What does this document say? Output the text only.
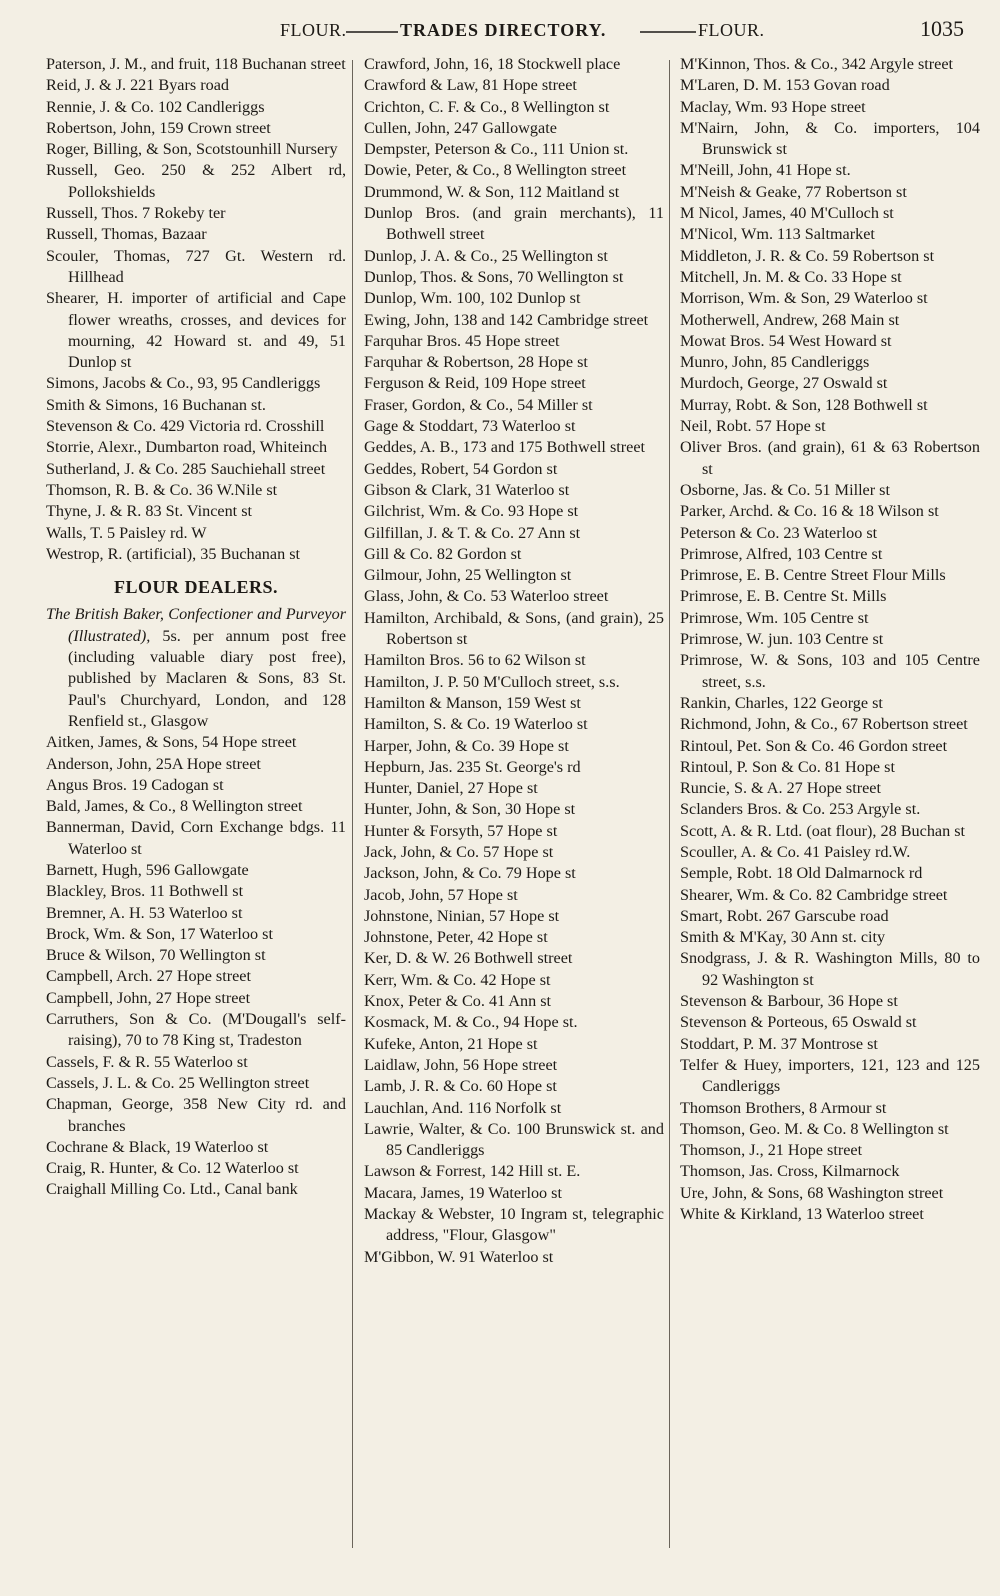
FLOUR.	TRADES DIRECTORY.	FLOUR.	1035
Paterson, J. M., and fruit, 118 Buchanan street
Reid, J. & J. 221 Byars road
Rennie, J. & Co. 102 Candleriggs
Robertson, John, 159 Crown street
Roger, Billing, & Son, Scotstounhill Nursery
Russell, Geo. 250 & 252 Albert rd, Pollokshields
Russell, Thos. 7 Rokeby ter
Russell, Thomas, Bazaar
Scouler, Thomas, 727 Gt. Western rd. Hillhead
Shearer, H. importer of artificial and Cape flower wreaths, crosses, and devices for mourning, 42 Howard st. and 49, 51 Dunlop st
Simons, Jacobs & Co., 93, 95 Candleriggs
Smith & Simons, 16 Buchanan st.
Stevenson & Co. 429 Victoria rd. Crosshill
Storrie, Alexr., Dumbarton road, Whiteinch
Sutherland, J. & Co. 285 Sauchiehall street
Thomson, R. B. & Co. 36 W.Nile st
Thyne, J. & R. 83 St. Vincent st
Walls, T. 5 Paisley rd. W
Westrop, R. (artificial), 35 Buchanan st
FLOUR DEALERS.
The British Baker, Confectioner and Purveyor (Illustrated), 5s. per annum post free (including valuable diary post free), published by Maclaren & Sons, 83 St. Paul's Churchyard, London, and 128 Renfield st., Glasgow
Aitken, James, & Sons, 54 Hope street
Anderson, John, 25A Hope street
Angus Bros. 19 Cadogan st
Bald, James, & Co., 8 Wellington street
Bannerman, David, Corn Exchange bdgs. 11 Waterloo st
Barnett, Hugh, 596 Gallowgate
Blackley, Bros. 11 Bothwell st
Bremner, A. H. 53 Waterloo st
Brock, Wm. & Son, 17 Waterloo st
Bruce & Wilson, 70 Wellington st
Campbell, Arch. 27 Hope street
Campbell, John, 27 Hope street
Carruthers, Son & Co. (M'Dougall's self-raising), 70 to 78 King st, Tradeston
Cassels, F. & R. 55 Waterloo st
Cassels, J. L. & Co. 25 Wellington street
Chapman, George, 358 New City rd. and branches
Cochrane & Black, 19 Waterloo st
Craig, R. Hunter, & Co. 12 Waterloo st
Craighall Milling Co. Ltd., Canal bank
Crawford, John, 16, 18 Stockwell place
Crawford & Law, 81 Hope street
Crichton, C. F. & Co., 8 Wellington st
Cullen, John, 247 Gallowgate
Dempster, Peterson & Co., 111 Union st.
Dowie, Peter, & Co., 8 Wellington street
Drummond, W. & Son, 112 Maitland st
Dunlop Bros. (and grain merchants), 11 Bothwell street
Dunlop, J. A. & Co., 25 Wellington st
Dunlop, Thos. & Sons, 70 Wellington st
Dunlop, Wm. 100, 102 Dunlop st
Ewing, John, 138 and 142 Cambridge street
Farquhar Bros. 45 Hope street
Farquhar & Robertson, 28 Hope st
Ferguson & Reid, 109 Hope street
Fraser, Gordon, & Co., 54 Miller st
Gage & Stoddart, 73 Waterloo st
Geddes, A. B., 173 and 175 Bothwell street
Geddes, Robert, 54 Gordon st
Gibson & Clark, 31 Waterloo st
Gilchrist, Wm. & Co. 93 Hope st
Gilfillan, J. & T. & Co. 27 Ann st
Gill & Co. 82 Gordon st
Gilmour, John, 25 Wellington st
Glass, John, & Co. 53 Waterloo street
Hamilton, Archibald, & Sons, (and grain), 25 Robertson st
Hamilton Bros. 56 to 62 Wilson st
Hamilton, J. P. 50 M'Culloch street, s.s.
Hamilton & Manson, 159 West st
Hamilton, S. & Co. 19 Waterloo st
Harper, John, & Co. 39 Hope st
Hepburn, Jas. 235 St. George's rd
Hunter, Daniel, 27 Hope st
Hunter, John, & Son, 30 Hope st
Hunter & Forsyth, 57 Hope st
Jack, John, & Co. 57 Hope st
Jackson, John, & Co. 79 Hope st
Jacob, John, 57 Hope st
Johnstone, Ninian, 57 Hope st
Johnstone, Peter, 42 Hope st
Ker, D. & W. 26 Bothwell street
Kerr, Wm. & Co. 42 Hope st
Knox, Peter & Co. 41 Ann st
Kosmack, M. & Co., 94 Hope st.
Kufeke, Anton, 21 Hope st
Laidlaw, John, 56 Hope street
Lamb, J. R. & Co. 60 Hope st
Lauchlan, And. 116 Norfolk st
Lawrie, Walter, & Co. 100 Brunswick st. and 85 Candleriggs
Lawson & Forrest, 142 Hill st. E.
Macara, James, 19 Waterloo st
Mackay & Webster, 10 Ingram st, telegraphic address, "Flour, Glasgow"
M'Gibbon, W. 91 Waterloo st
M'Kinnon, Thos. & Co., 342 Argyle street
M'Laren, D. M. 153 Govan road
Maclay, Wm. 93 Hope street
M'Nairn, John, & Co. importers, 104 Brunswick st
M'Neill, John, 41 Hope st.
M'Neish & Geake, 77 Robertson st
M Nicol, James, 40 M'Culloch st
M'Nicol, Wm. 113 Saltmarket
Middleton, J. R. & Co. 59 Robertson st
Mitchell, Jn. M. & Co. 33 Hope st
Morrison, Wm. & Son, 29 Waterloo st
Motherwell, Andrew, 268 Main st
Mowat Bros. 54 West Howard st
Munro, John, 85 Candleriggs
Murdoch, George, 27 Oswald st
Murray, Robt. & Son, 128 Bothwell st
Neil, Robt. 57 Hope st
Oliver Bros. (and grain), 61 & 63 Robertson st
Osborne, Jas. & Co. 51 Miller st
Parker, Archd. & Co. 16 & 18 Wilson st
Peterson & Co. 23 Waterloo st
Primrose, Alfred, 103 Centre st
Primrose, E. B. Centre Street Flour Mills
Primrose, E. B. Centre St. Mills
Primrose, Wm. 105 Centre st
Primrose, W. jun. 103 Centre st
Primrose, W. & Sons, 103 and 105 Centre street, s.s.
Rankin, Charles, 122 George st
Richmond, John, & Co., 67 Robertson street
Rintoul, Pet. Son & Co. 46 Gordon street
Rintoul, P. Son & Co. 81 Hope st
Runcie, S. & A. 27 Hope street
Sclanders Bros. & Co. 253 Argyle st.
Scott, A. & R. Ltd. (oat flour), 28 Buchan st
Scouller, A. & Co. 41 Paisley rd.W.
Semple, Robt. 18 Old Dalmarnock rd
Shearer, Wm. & Co. 82 Cambridge street
Smart, Robt. 267 Garscube road
Smith & M'Kay, 30 Ann st. city
Snodgrass, J. & R. Washington Mills, 80 to 92 Washington st
Stevenson & Barbour, 36 Hope st
Stevenson & Porteous, 65 Oswald st
Stoddart, P. M. 37 Montrose st
Telfer & Huey, importers, 121, 123 and 125 Candleriggs
Thomson Brothers, 8 Armour st
Thomson, Geo. M. & Co. 8 Wellington st
Thomson, J., 21 Hope street
Thomson, Jas. Cross, Kilmarnock
Ure, John, & Sons, 68 Washington street
White & Kirkland, 13 Waterloo street
